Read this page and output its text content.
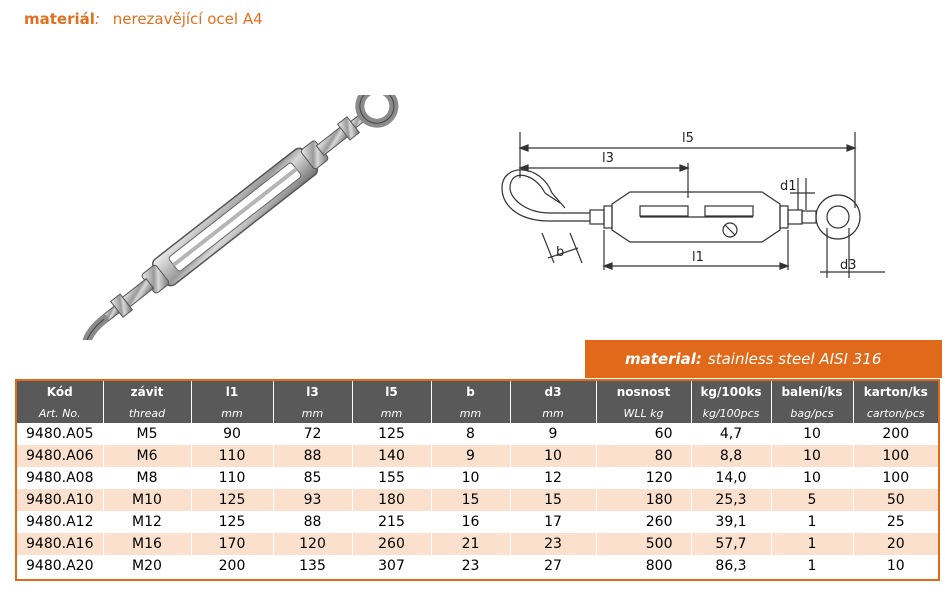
materiál: nerezavějící ocel A4
l5
l3
l1
d1
d3
b
material: stainless steel AISI 316
Kód	závit	l1	l3	l5	b	d3	nosnost	kg/100ks	balení/ks	karton/ks
Art. No.	thread	mm	mm	mm	mm	mm	WLL kg	kg/100pcs	bag/pcs	carton/pcs
9480.A05	M5	90	72	125	8	9	60	4,7	10	200
9480.A06	M6	110	88	140	9	10	80	8,8	10	100
9480.A08	M8	110	85	155	10	12	120	14,0	10	100
9480.A10	M10	125	93	180	15	15	180	25,3	5	50
9480.A12	M12	125	88	215	16	17	260	39,1	1	25
9480.A16	M16	170	120	260	21	23	500	57,7	1	20
9480.A20	M20	200	135	307	23	27	800	86,3	1	10
